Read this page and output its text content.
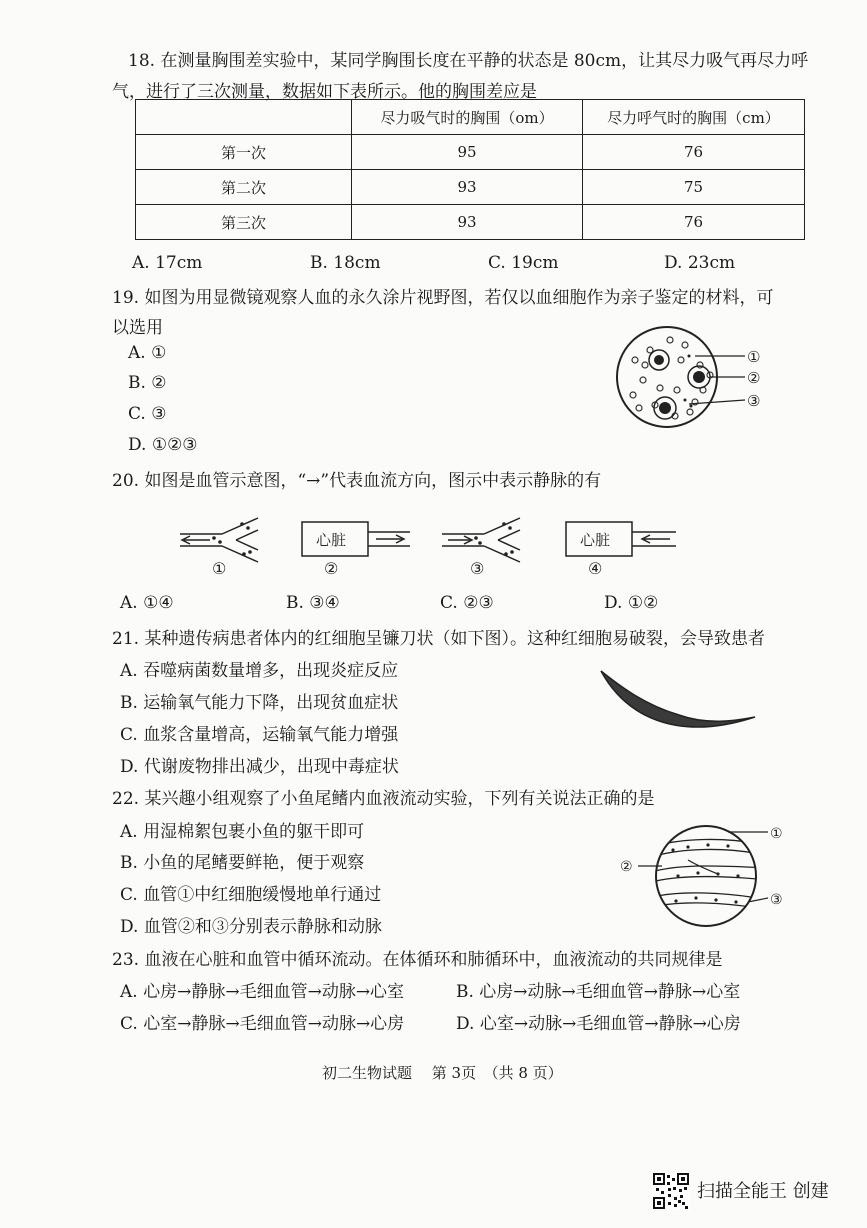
18. 在测量胸围差实验中，某同学胸围长度在平静的状态是 80cm，让其尽力吸气再尽力呼
气，进行了三次测量，数据如下表所示。他的胸围差应是
	尽力吸气时的胸围（om）	尽力呼气时的胸围（cm）
第一次	95	76
第二次	93	75
第三次	93	76
A. 17cm	B. 18cm	C. 19cm	D. 23cm
19. 如图为用显微镜观察人血的永久涂片视野图，若仅以血细胞作为亲子鉴定的材料，可
以选用
A. ①
B. ②
C. ③
D. ①②③
①
②
③
20. 如图是血管示意图，“→”代表血流方向，图示中表示静脉的有
①
心脏
②	③
心脏
④
A. ①④	B. ③④	C. ②③	D. ①②
21. 某种遗传病患者体内的红细胞呈镰刀状（如下图）。这种红细胞易破裂，会导致患者
A. 吞噬病菌数量增多，出现炎症反应
B. 运输氧气能力下降，出现贫血症状
C. 血浆含量增高，运输氧气能力增强
D. 代谢废物排出减少，出现中毒症状
22. 某兴趣小组观察了小鱼尾鳍内血液流动实验，下列有关说法正确的是
A. 用湿棉絮包裹小鱼的躯干即可
B. 小鱼的尾鳍要鲜艳，便于观察
C. 血管①中红细胞缓慢地单行通过
D. 血管②和③分别表示静脉和动脉
①
②
③
23. 血液在心脏和血管中循环流动。在体循环和肺循环中，血液流动的共同规律是
A. 心房→静脉→毛细血管→动脉→心室	B. 心房→动脉→毛细血管→静脉→心室
C. 心室→静脉→毛细血管→动脉→心房	D. 心室→动脉→毛细血管→静脉→心房
初二生物试题　 第 3页　（共 8 页）
扫描全能王 创建
